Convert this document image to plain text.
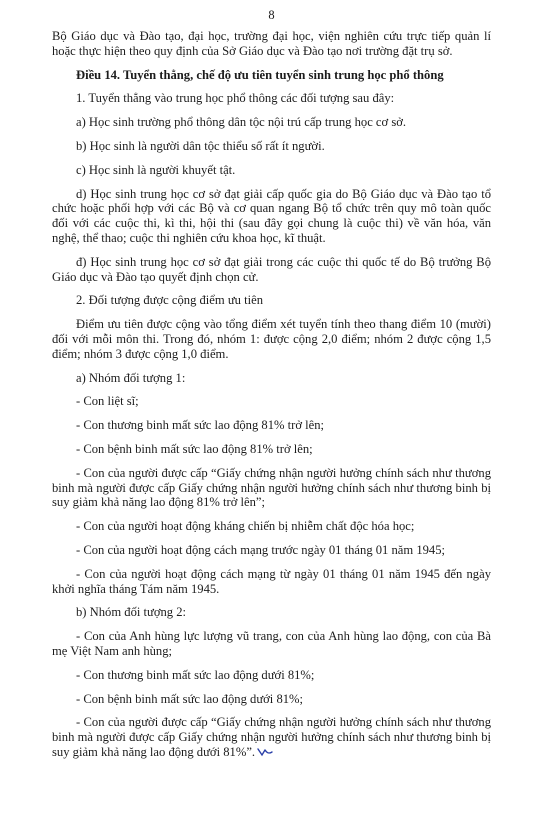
8

Bộ Giáo dục và Đào tạo, đại học, trường đại học, viện nghiên cứu trực tiếp quản lí hoặc thực hiện theo quy định của Sở Giáo dục và Đào tạo nơi trường đặt trụ sở.

Điều 14. Tuyển thẳng, chế độ ưu tiên tuyển sinh trung học phổ thông

1. Tuyển thẳng vào trung học phổ thông các đối tượng sau đây:

a) Học sinh trường phổ thông dân tộc nội trú cấp trung học cơ sở.

b) Học sinh là người dân tộc thiểu số rất ít người.

c) Học sinh là người khuyết tật.

d) Học sinh trung học cơ sở đạt giải cấp quốc gia do Bộ Giáo dục và Đào tạo tổ chức hoặc phối hợp với các Bộ và cơ quan ngang Bộ tổ chức trên quy mô toàn quốc đối với các cuộc thi, kì thi, hội thi (sau đây gọi chung là cuộc thi) về văn hóa, văn nghệ, thể thao; cuộc thi nghiên cứu khoa học, kĩ thuật.

đ) Học sinh trung học cơ sở đạt giải trong các cuộc thi quốc tế do Bộ trưởng Bộ Giáo dục và Đào tạo quyết định chọn cử.

2. Đối tượng được cộng điểm ưu tiên

Điểm ưu tiên được cộng vào tổng điểm xét tuyển tính theo thang điểm 10 (mười) đối với mỗi môn thi. Trong đó, nhóm 1: được cộng 2,0 điểm; nhóm 2 được cộng 1,5 điểm; nhóm 3 được cộng 1,0 điểm.

a) Nhóm đối tượng 1:

- Con liệt sĩ;

- Con thương binh mất sức lao động 81% trở lên;

- Con bệnh binh mất sức lao động 81% trở lên;

- Con của người được cấp “Giấy chứng nhận người hưởng chính sách như thương binh mà người được cấp Giấy chứng nhận người hưởng chính sách như thương binh bị suy giảm khả năng lao động 81% trở lên”;

- Con của người hoạt động kháng chiến bị nhiễm chất độc hóa học;

- Con của người hoạt động cách mạng trước ngày 01 tháng 01 năm 1945;

- Con của người hoạt động cách mạng từ ngày 01 tháng 01 năm 1945 đến ngày khởi nghĩa tháng Tám năm 1945.

b) Nhóm đối tượng 2:

- Con của Anh hùng lực lượng vũ trang, con của Anh hùng lao động, con của Bà mẹ Việt Nam anh hùng;

- Con thương binh mất sức lao động dưới 81%;

- Con bệnh binh mất sức lao động dưới 81%;

- Con của người được cấp “Giấy chứng nhận người hưởng chính sách như thương binh mà người được cấp Giấy chứng nhận người hưởng chính sách như thương binh bị suy giảm khả năng lao động dưới 81%”.
